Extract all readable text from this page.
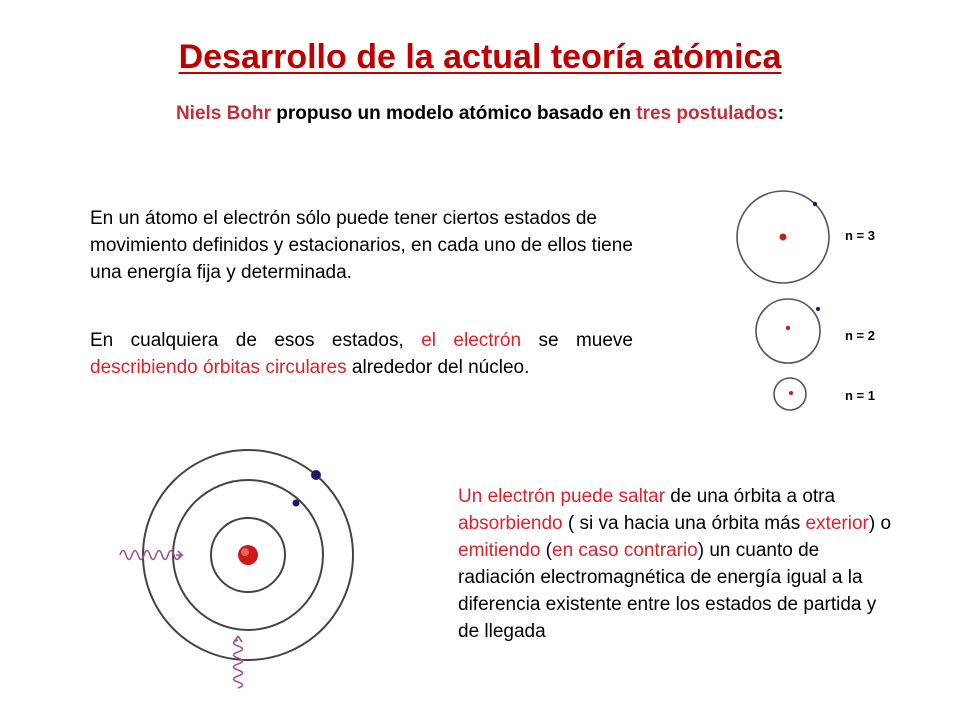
Desarrollo de la actual teoría atómica

Niels Bohr propuso un modelo atómico basado en tres postulados:

En un átomo el electrón sólo puede tener ciertos estados de movimiento definidos y estacionarios, en cada uno de ellos tiene una energía fija y determinada.

En cualquiera de esos estados, el electrón se mueve describiendo órbitas circulares alrededor del núcleo.

Un electrón puede saltar de una órbita a otra absorbiendo ( si va hacia una órbita más exterior) o emitiendo (en caso contrario) un cuanto de radiación electromagnética de energía igual a la diferencia existente entre los estados de partida y de llegada

n = 3
n = 2
n = 1
